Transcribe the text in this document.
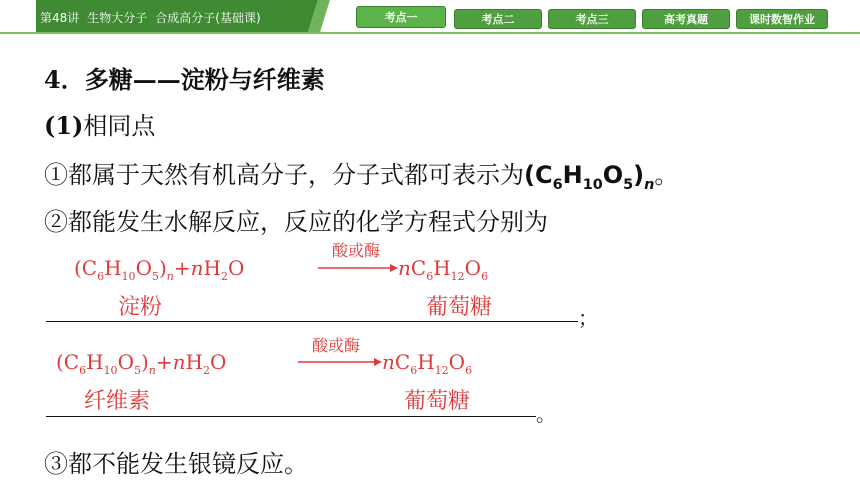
第48讲 生物大分子 合成高分子(基础课)	考点一	考点二	考点三	高考真题	课时数智作业
4．多糖——淀粉与纤维素
(1)相同点
①都属于天然有机高分子，分子式都可表示为$(C_6H_{10}O_5)_n$。
②都能发生水解反应，反应的化学方程式分别为
$(C_6H_{10}O_5)_n+nH_2O$
酸或酶
$nC_6H_{12}O_6$
淀粉	葡萄糖	；
$(C_6H_{10}O_5)_n+nH_2O$
酸或酶
$nC_6H_{12}O_6$
纤维素	葡萄糖	。
③都不能发生银镜反应。
